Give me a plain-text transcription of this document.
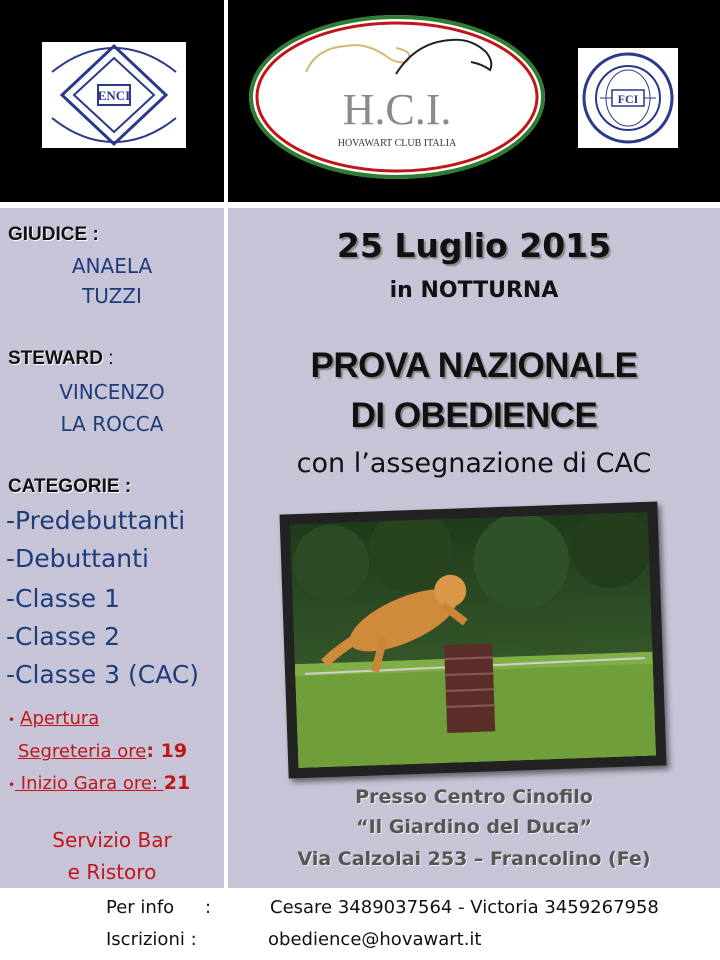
ENCI	H.C.I.
HOVAWART CLUB ITALIA
FCI
GIUDICE :
ANAELA
TUZZI
STEWARD :
VINCENZO
LA ROCCA
CATEGORIE :
-Predebuttanti
-Debuttanti
-Classe 1
-Classe 2
-Classe 3 (CAC)
• Apertura
Segreteria ore: 19
• Inizio Gara ore: 21
Servizio Bar
e Ristoro
25 Luglio 2015
in NOTTURNA
PROVA NAZIONALE
DI OBEDIENCE
con l’assegnazione di CAC
Presso Centro Cinofilo
“Il Giardino del Duca”
Via Calzolai 253 – Francolino (Fe)
Per info :	Cesare 3489037564 - Victoria 3459267958
Iscrizioni :	obedience@hovawart.it
